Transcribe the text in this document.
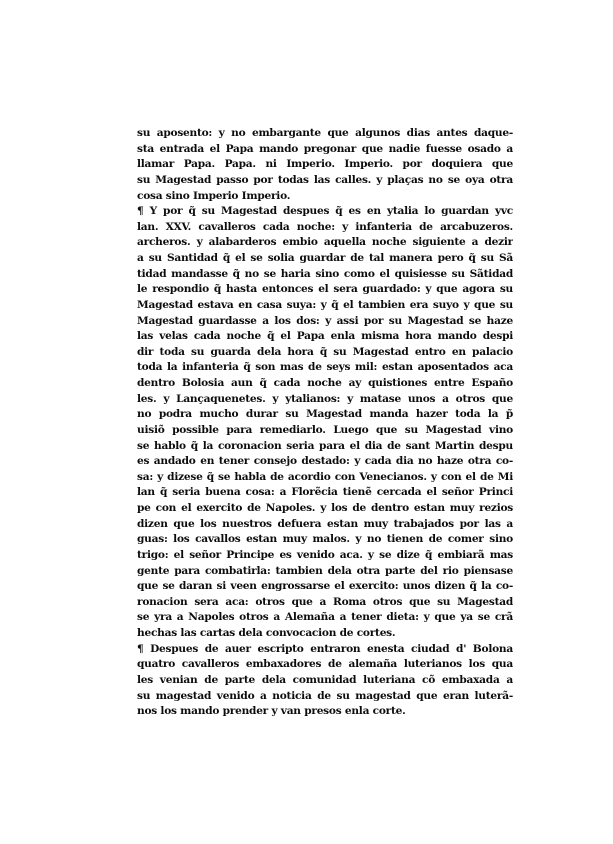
su aposento: y no embargante que algunos dias antes daque-
sta entrada el Papa mando pregonar que nadie fuesse osado a
llamar Papa. Papa. ni Imperio. Imperio. por doquiera que
su Magestad passo por todas las calles. y plaças no se oya otra
cosa sino Imperio Imperio.
¶ Y por q̃ su Magestad despues q̃ es en ytalia lo guardan yvc
lan. XXV. cavalleros cada noche: y infanteria de arcabuzeros.
archeros. y alabarderos embio aquella noche siguiente a dezir
a su Santidad q̃ el se solia guardar de tal manera pero q̃ su Sã
tidad mandasse q̃ no se haria sino como el quisiesse su Sãtidad
le respondio q̃ hasta entonces el sera guardado: y que agora su
Magestad estava en casa suya: y q̃ el tambien era suyo y que su
Magestad guardasse a los dos: y assi por su Magestad se haze
las velas cada noche q̃ el Papa enla misma hora mando despi
dir toda su guarda dela hora q̃ su Magestad entro en palacio
toda la infanteria q̃ son mas de seys mil: estan aposentados aca
dentro Bolosia aun q̃ cada noche ay quistiones entre Españo
les. y Lançaquenetes. y ytalianos: y matase unos a otros que
no podra mucho durar su Magestad manda hazer toda la p̃
uisiõ possible para remediarlo. Luego que su Magestad vino
se hablo q̃ la coronacion seria para el dia de sant Martin despu
es andado en tener consejo destado: y cada dia no haze otra co-
sa: y dizese q̃ se habla de acordio con Venecianos. y con el de Mi
lan q̃ seria buena cosa: a Florẽcia tienẽ cercada el señor Princi
pe con el exercito de Napoles. y los de dentro estan muy rezios
dizen que los nuestros defuera estan muy trabajados por las a
guas: los cavallos estan muy malos. y no tienen de comer sino
trigo: el señor Principe es venido aca. y se dize q̃ embiarã mas
gente para combatirla: tambien dela otra parte del rio piensase
que se daran si veen engrossarse el exercito: unos dizen q̃ la co-
ronacion sera aca: otros que a Roma otros que su Magestad
se yra a Napoles otros a Alemaña a tener dieta: y que ya se crã
hechas las cartas dela convocacion de cortes.
¶ Despues de auer escripto entraron enesta ciudad d' Bolona
quatro cavalleros embaxadores de alemaña luterianos los qua
les venian de parte dela comunidad luteriana cõ embaxada a
su magestad venido a noticia de su magestad que eran luterã-
nos los mando prender y van presos enla corte.
